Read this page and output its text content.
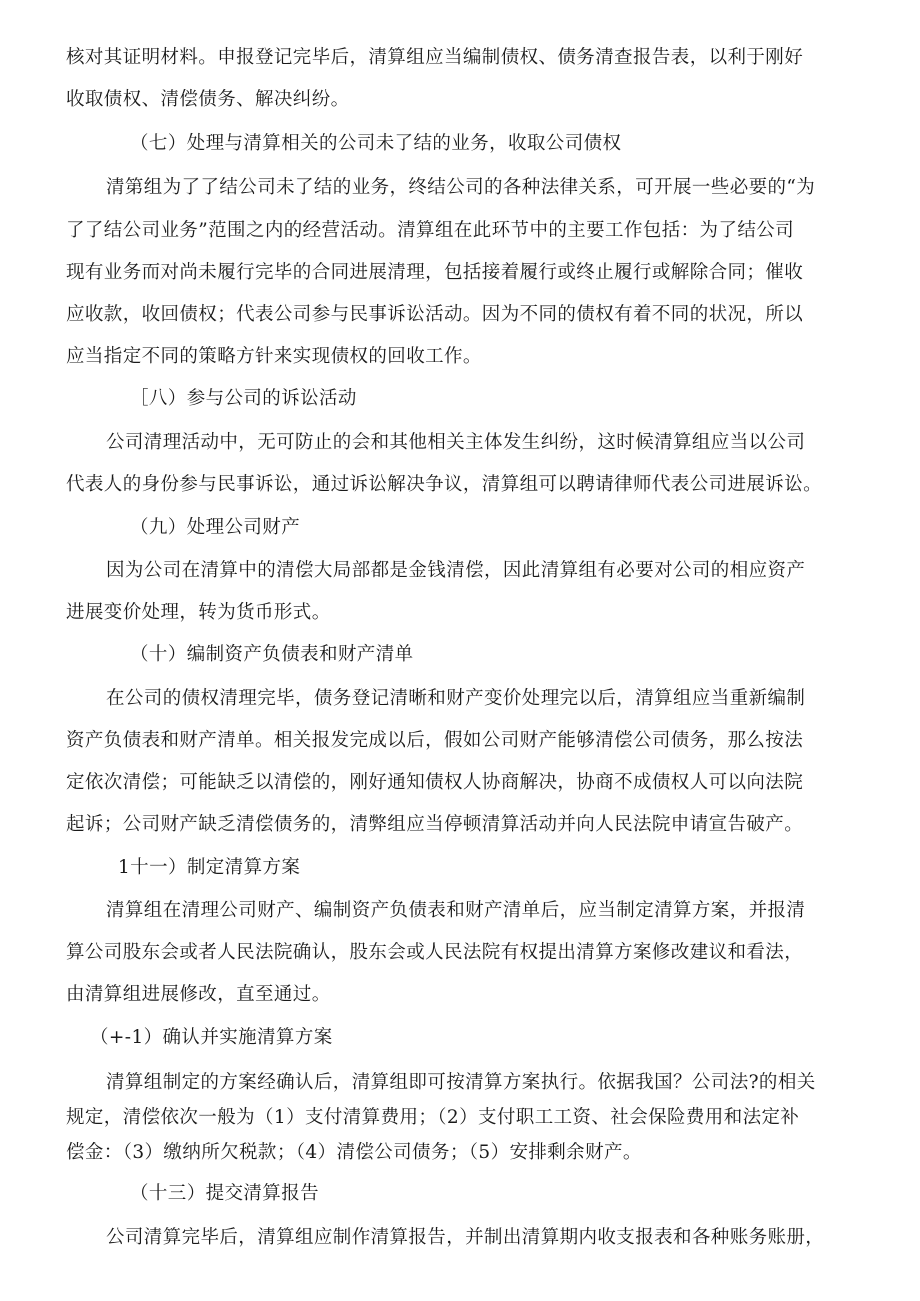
核对其证明材料。申报登记完毕后，清算组应当编制债权、债务清查报告表，以利于刚好

收取债权、清偿债务、解决纠纷。

（七）处理与清算相关的公司未了结的业务，收取公司债权

清第组为了了结公司未了结的业务，终结公司的各种法律关系，可开展一些必要的“为

了了结公司业务”范围之内的经营活动。清算组在此环节中的主要工作包括：为了结公司

现有业务而对尚未履行完毕的合同进展清理，包括接着履行或终止履行或解除合同；催收

应收款，收回债权；代表公司参与民事诉讼活动。因为不同的债权有着不同的状况，所以

应当指定不同的策略方针来实现债权的回收工作。

［八）参与公司的诉讼活动

公司清理活动中，无可防止的会和其他相关主体发生纠纷，这时候清算组应当以公司

代表人的身份参与民事诉讼，通过诉讼解决争议，清算组可以聘请律师代表公司进展诉讼。

（九）处理公司财产

因为公司在清算中的清偿大局部都是金钱清偿，因此清算组有必要对公司的相应资产

进展变价处理，转为货币形式。

（十）编制资产负债表和财产清单

在公司的债权清理完毕，债务登记清晰和财产变价处理完以后，清算组应当重新编制

资产负债表和财产清单。相关报发完成以后，假如公司财产能够清偿公司债务，那么按法

定依次清偿；可能缺乏以清偿的，刚好通知债权人协商解决，协商不成债权人可以向法院

起诉；公司财产缺乏清偿债务的，清弊组应当停顿清算活动并向人民法院申请宣告破产。

1十一）制定清算方案

清算组在清理公司财产、编制资产负债表和财产清单后，应当制定清算方案，并报清

算公司股东会或者人民法院确认，股东会或人民法院有权提出清算方案修改建议和看法，

由清算组进展修改，直至通过。

（+-1）确认并实施清算方案

清算组制定的方案经确认后，清算组即可按清算方案执行。依据我国？公司法?的相关

规定，清偿依次一般为（1）支付清算费用；（2）支付职工工资、社会保险费用和法定补

偿金：（3）缴纳所欠税款；（4）清偿公司债务；（5）安排剩余财产。

（十三）提交清算报告

公司清算完毕后，清算组应制作清算报告，并制出清算期内收支报表和各种账务账册，
